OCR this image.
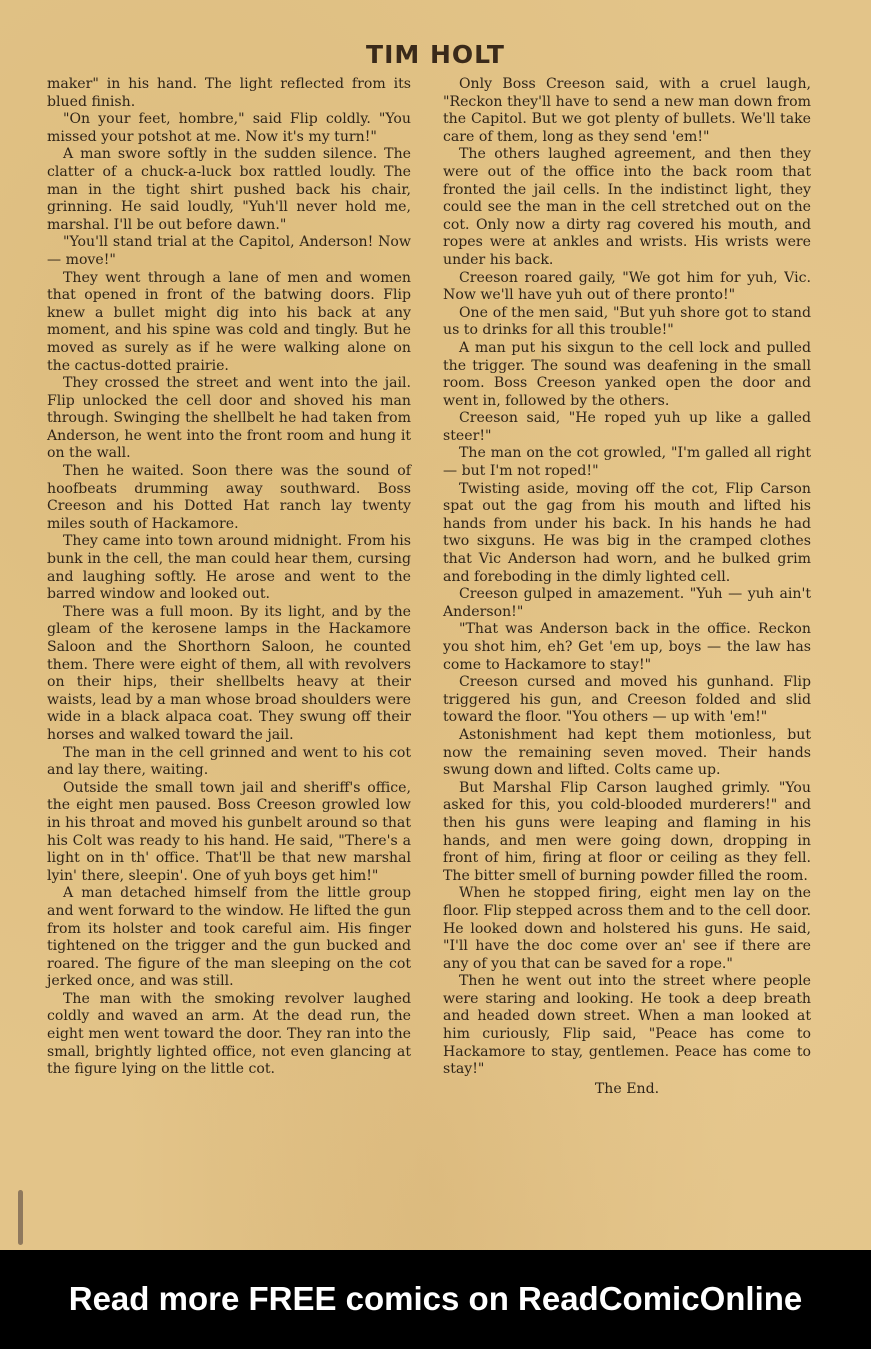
TIM HOLT

maker" in his hand. The light reflected from its blued finish.

"On your feet, hombre," said Flip coldly. "You missed your potshot at me. Now it's my turn!"

A man swore softly in the sudden silence. The clatter of a chuck-a-luck box rattled loudly. The man in the tight shirt pushed back his chair, grinning. He said loudly, "Yuh'll never hold me, marshal. I'll be out before dawn."

"You'll stand trial at the Capitol, Anderson! Now — move!"

They went through a lane of men and women that opened in front of the batwing doors. Flip knew a bullet might dig into his back at any moment, and his spine was cold and tingly. But he moved as surely as if he were walking alone on the cactus-dotted prairie.

They crossed the street and went into the jail. Flip unlocked the cell door and shoved his man through. Swinging the shellbelt he had taken from Anderson, he went into the front room and hung it on the wall.

Then he waited. Soon there was the sound of hoofbeats drumming away southward. Boss Creeson and his Dotted Hat ranch lay twenty miles south of Hackamore.

They came into town around midnight. From his bunk in the cell, the man could hear them, cursing and laughing softly. He arose and went to the barred window and looked out.

There was a full moon. By its light, and by the gleam of the kerosene lamps in the Hackamore Saloon and the Shorthorn Saloon, he counted them. There were eight of them, all with revolvers on their hips, their shellbelts heavy at their waists, lead by a man whose broad shoulders were wide in a black alpaca coat. They swung off their horses and walked toward the jail.

The man in the cell grinned and went to his cot and lay there, waiting.

Outside the small town jail and sheriff's office, the eight men paused. Boss Creeson growled low in his throat and moved his gunbelt around so that his Colt was ready to his hand. He said, "There's a light on in th' office. That'll be that new marshal lyin' there, sleepin'. One of yuh boys get him!"

A man detached himself from the little group and went forward to the window. He lifted the gun from its holster and took careful aim. His finger tightened on the trigger and the gun bucked and roared. The figure of the man sleeping on the cot jerked once, and was still.

The man with the smoking revolver laughed coldly and waved an arm. At the dead run, the eight men went toward the door. They ran into the small, brightly lighted office, not even glancing at the figure lying on the little cot.

Only Boss Creeson said, with a cruel laugh, "Reckon they'll have to send a new man down from the Capitol. But we got plenty of bullets. We'll take care of them, long as they send 'em!"

The others laughed agreement, and then they were out of the office into the back room that fronted the jail cells. In the indistinct light, they could see the man in the cell stretched out on the cot. Only now a dirty rag covered his mouth, and ropes were at ankles and wrists. His wrists were under his back.

Creeson roared gaily, "We got him for yuh, Vic. Now we'll have yuh out of there pronto!"

One of the men said, "But yuh shore got to stand us to drinks for all this trouble!"

A man put his sixgun to the cell lock and pulled the trigger. The sound was deafening in the small room. Boss Creeson yanked open the door and went in, followed by the others.

Creeson said, "He roped yuh up like a galled steer!"

The man on the cot growled, "I'm galled all right — but I'm not roped!"

Twisting aside, moving off the cot, Flip Carson spat out the gag from his mouth and lifted his hands from under his back. In his hands he had two sixguns. He was big in the cramped clothes that Vic Anderson had worn, and he bulked grim and foreboding in the dimly lighted cell.

Creeson gulped in amazement. "Yuh — yuh ain't Anderson!"

"That was Anderson back in the office. Reckon you shot him, eh? Get 'em up, boys — the law has come to Hackamore to stay!"

Creeson cursed and moved his gunhand. Flip triggered his gun, and Creeson folded and slid toward the floor. "You others — up with 'em!"

Astonishment had kept them motionless, but now the remaining seven moved. Their hands swung down and lifted. Colts came up.

But Marshal Flip Carson laughed grimly. "You asked for this, you cold-blooded murderers!" and then his guns were leaping and flaming in his hands, and men were going down, dropping in front of him, firing at floor or ceiling as they fell. The bitter smell of burning powder filled the room.

When he stopped firing, eight men lay on the floor. Flip stepped across them and to the cell door. He looked down and holstered his guns. He said, "I'll have the doc come over an' see if there are any of you that can be saved for a rope."

Then he went out into the street where people were staring and looking. He took a deep breath and headed down street. When a man looked at him curiously, Flip said, "Peace has come to Hackamore to stay, gentlemen. Peace has come to stay!"

The End.

Read more FREE comics on ReadComicOnline
